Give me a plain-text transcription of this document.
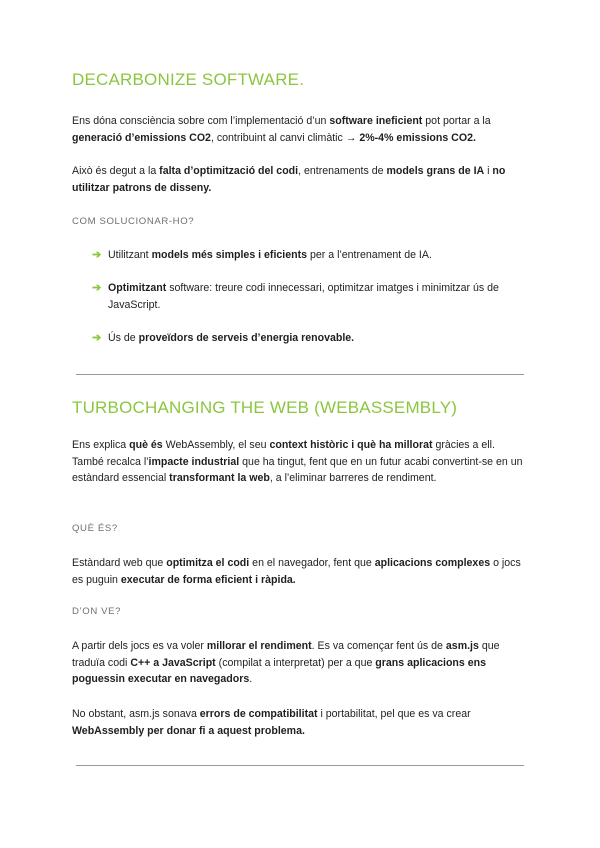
DECARBONIZE SOFTWARE.

Ens dóna consciència sobre com l’implementació d’un software ineficient pot portar a la generació d’emissions CO2, contribuint al canvi climàtic → 2%-4% emissions CO2.

Això és degut a la falta d’optimització del codi, entrenaments de models grans de IA i no utilitzar patrons de disseny.

COM SOLUCIONAR-HO?

➔ Utilitzant models més simples i eficients per a l’entrenament de IA.
➔ Optimitzant software: treure codi innecessari, optimitzar imatges i minimitzar ús de JavaScript.
➔ Ús de proveïdors de serveis d’energia renovable.
TURBOCHANGING THE WEB (WEBASSEMBLY)

Ens explica què és WebAssembly, el seu context històric i què ha millorat gràcies a ell. També recalca l’impacte industrial que ha tingut, fent que en un futur acabi convertint-se en un estàndard essencial transformant la web, a l’eliminar barreres de rendiment.

QUÈ ÉS?

Estàndard web que optimitza el codi en el navegador, fent que aplicacions complexes o jocs es puguin executar de forma eficient i ràpida.

D’ON VE?

A partir dels jocs es va voler millorar el rendiment. Es va començar fent ús de asm.js que traduïa codi C++ a JavaScript (compilat a interpretat) per a que grans aplicacions ens poguessin executar en navegadors.

No obstant, asm.js sonava errors de compatibilitat i portabilitat, pel que es va crear WebAssembly per donar fi a aquest problema.
